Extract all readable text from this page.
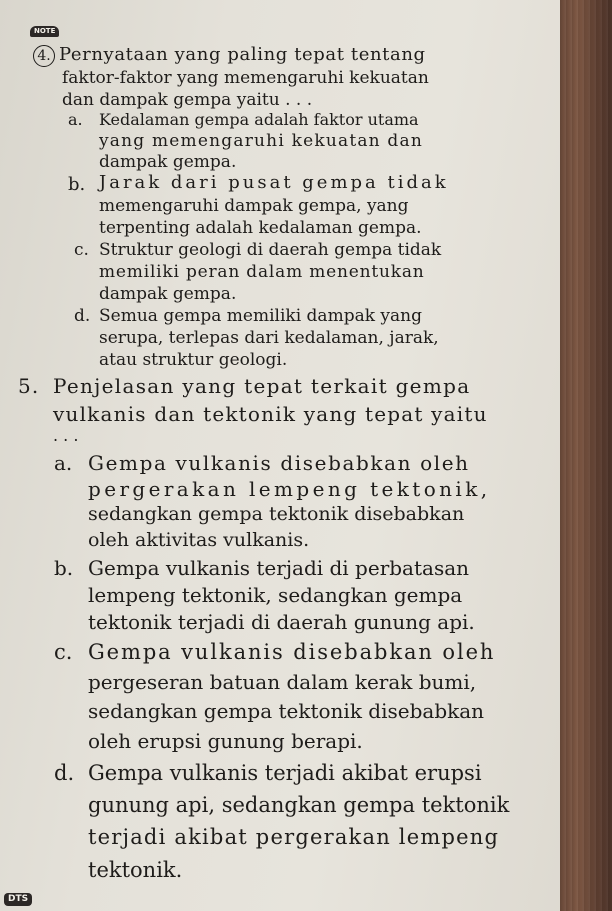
NOTE
4. Pernyataan yang paling tepat tentang
faktor-faktor yang memengaruhi kekuatan
dan dampak gempa yaitu . . .
a. Kedalaman gempa adalah faktor utama
yang memengaruhi kekuatan dan
dampak gempa.
b. Jarak dari pusat gempa tidak
memengaruhi dampak gempa, yang
terpenting adalah kedalaman gempa.
c. Struktur geologi di daerah gempa tidak
memiliki peran dalam menentukan
dampak gempa.
d. Semua gempa memiliki dampak yang
serupa, terlepas dari kedalaman, jarak,
atau struktur geologi.
5. Penjelasan yang tepat terkait gempa
vulkanis dan tektonik yang tepat yaitu
. . .
a. Gempa vulkanis disebabkan oleh
pergerakan lempeng tektonik,
sedangkan gempa tektonik disebabkan
oleh aktivitas vulkanis.
b. Gempa vulkanis terjadi di perbatasan
lempeng tektonik, sedangkan gempa
tektonik terjadi di daerah gunung api.
c. Gempa vulkanis disebabkan oleh
pergeseran batuan dalam kerak bumi,
sedangkan gempa tektonik disebabkan
oleh erupsi gunung berapi.
d. Gempa vulkanis terjadi akibat erupsi
gunung api, sedangkan gempa tektonik
terjadi akibat pergerakan lempeng
tektonik.
DTS
